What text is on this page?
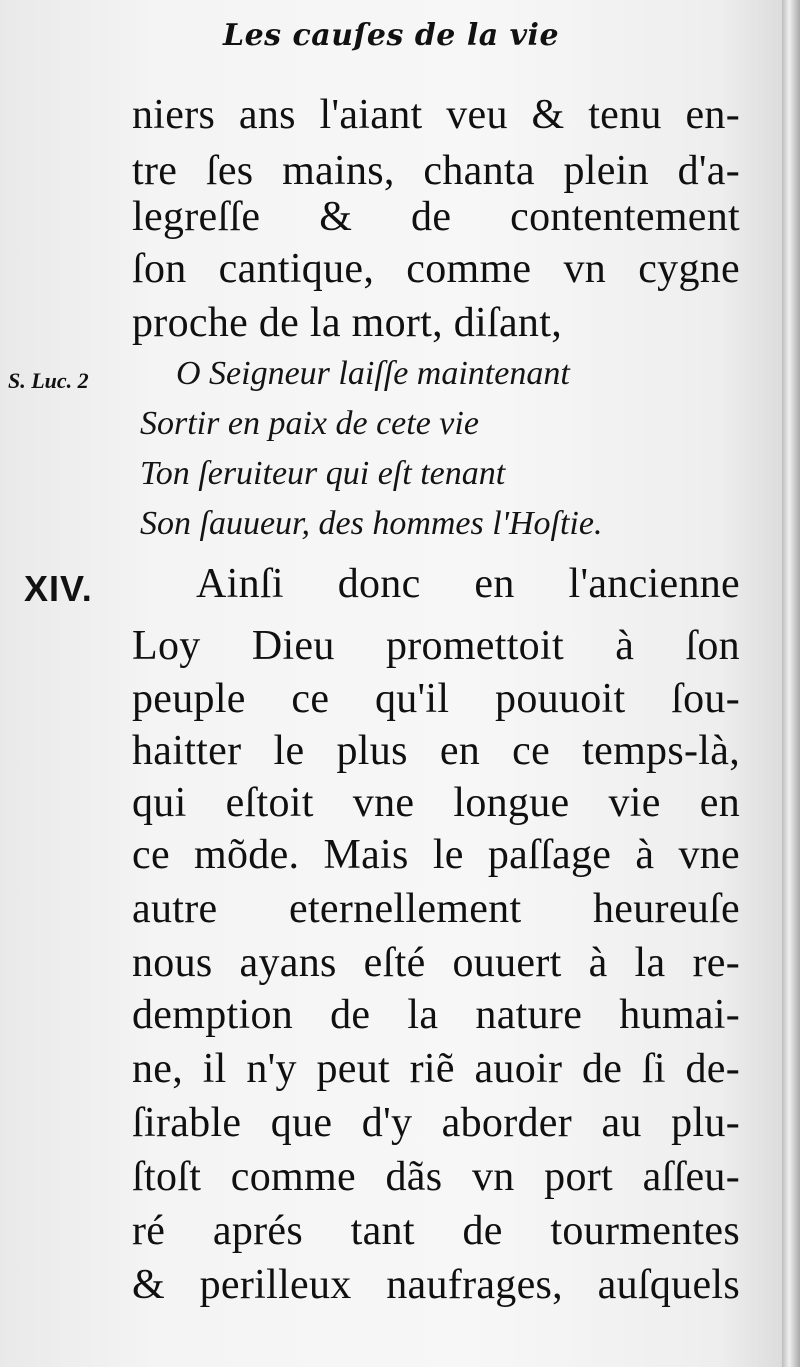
Les cauſes de la vie
niers ans l'aiant veu & tenu en-
tre ſes mains, chanta plein d'a-
legreſſe & de contentement
ſon cantique, comme vn cygne
proche de la mort, diſant,
S. Luc. 2	O Seigneur laiſſe maintenant
Sortir en paix de cete vie
Ton ſeruiteur qui eſt tenant
Son ſauueur, des hommes l'Hoſtie.
XIV. Ainſi donc en l'ancienne
Loy Dieu promettoit à ſon
peuple ce qu'il pouuoit ſou-
haitter le plus en ce temps-là,
qui eſtoit vne longue vie en
ce mõde. Mais le paſſage à vne
autre eternellement heureuſe
nous ayans eſté ouuert à la re-
demption de la nature humai-
ne, il n'y peut riẽ auoir de ſi de-
ſirable que d'y aborder au plu-
ſtoſt comme dãs vn port aſſeu-
ré aprés tant de tourmentes
& perilleux naufrages, auſquels
